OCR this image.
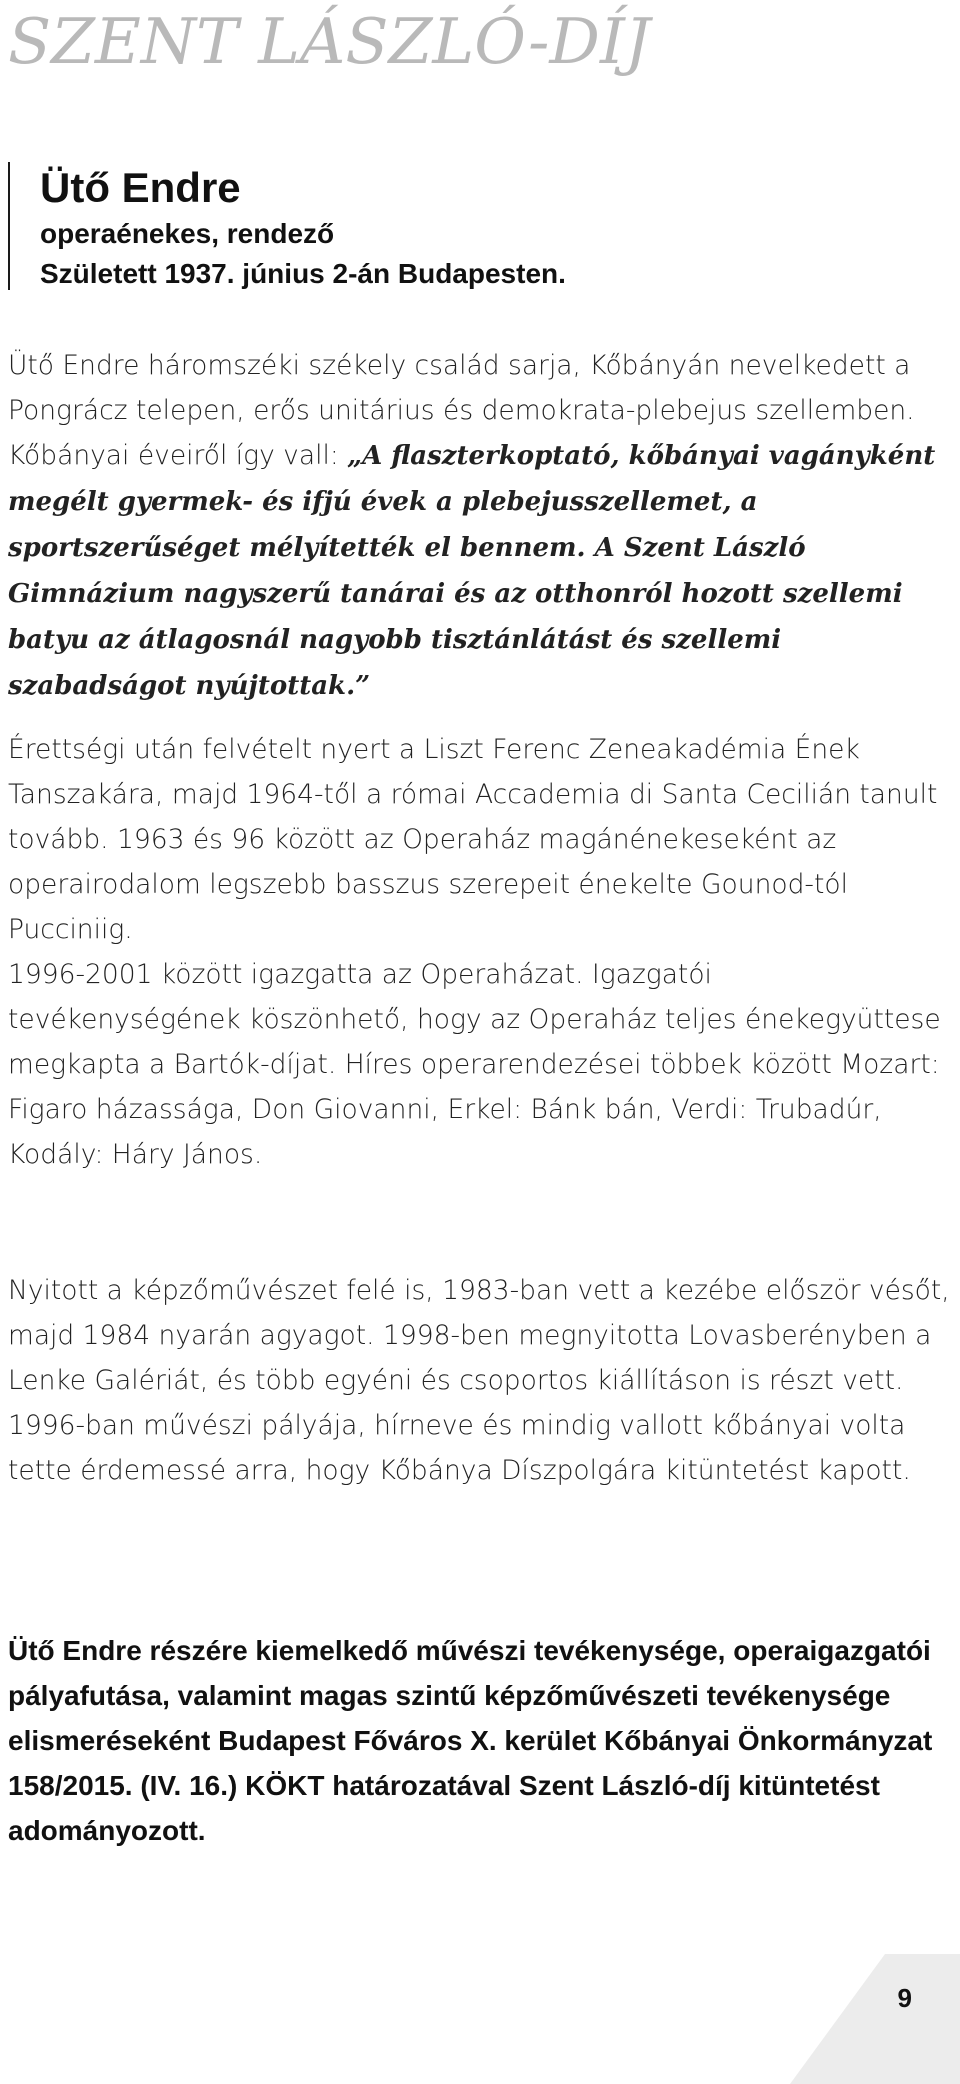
SZENT LÁSZLÓ-DÍJ

Ütő Endre

operaénekes, rendező

Született 1937. június 2-án Budapesten.

Ütő Endre háromszéki székely család sarja, Kőbányán nevelkedett a Pongrácz telepen, erős unitárius és demokrata-plebejus szellemben. Kőbányai éveiről így vall: „A flaszterkoptató, kőbányai vagányként megélt gyermek- és ifjú évek a plebejusszellemet, a sportszerűséget mélyítették el bennem. A Szent László Gimnázium nagyszerű tanárai és az otthonról hozott szellemi batyu az átlagosnál nagyobb tisztánlátást és szellemi szabadságot nyújtottak.”

Érettségi után felvételt nyert a Liszt Ferenc Zeneakadémia Ének Tanszakára, majd 1964-től a római Accademia di Santa Cecilián tanult tovább. 1963 és 96 között az Operaház magánénekeseként az operairodalom legszebb basszus szerepeit énekelte Gounod-tól Pucciniig.
1996-2001 között igazgatta az Operaházat. Igazgatói tevékenységének köszönhető, hogy az Operaház teljes énekegyüttese megkapta a Bartók-díjat. Híres operarendezései többek között Mozart: Figaro házassága, Don Giovanni, Erkel: Bánk bán, Verdi: Trubadúr, Kodály: Háry János.
Nyitott a képzőművészet felé is, 1983-ban vett a kezébe először vésőt, majd 1984 nyarán agyagot. 1998-ben megnyitotta Lovasberényben a Lenke Galériát, és több egyéni és csoportos kiállításon is részt vett.
1996-ban művészi pályája, hírneve és mindig vallott kőbányai volta tette érdemessé arra, hogy Kőbánya Díszpolgára kitüntetést kapott.

Ütő Endre részére kiemelkedő művészi tevékenysége, operaigazgatói pályafutása, valamint magas szintű képzőművészeti tevékenysége elismeréseként Budapest Főváros X. kerület Kőbányai Önkormányzat 158/2015. (IV. 16.) KÖKT határozatával Szent László-díj kitüntetést adományozott.

9
